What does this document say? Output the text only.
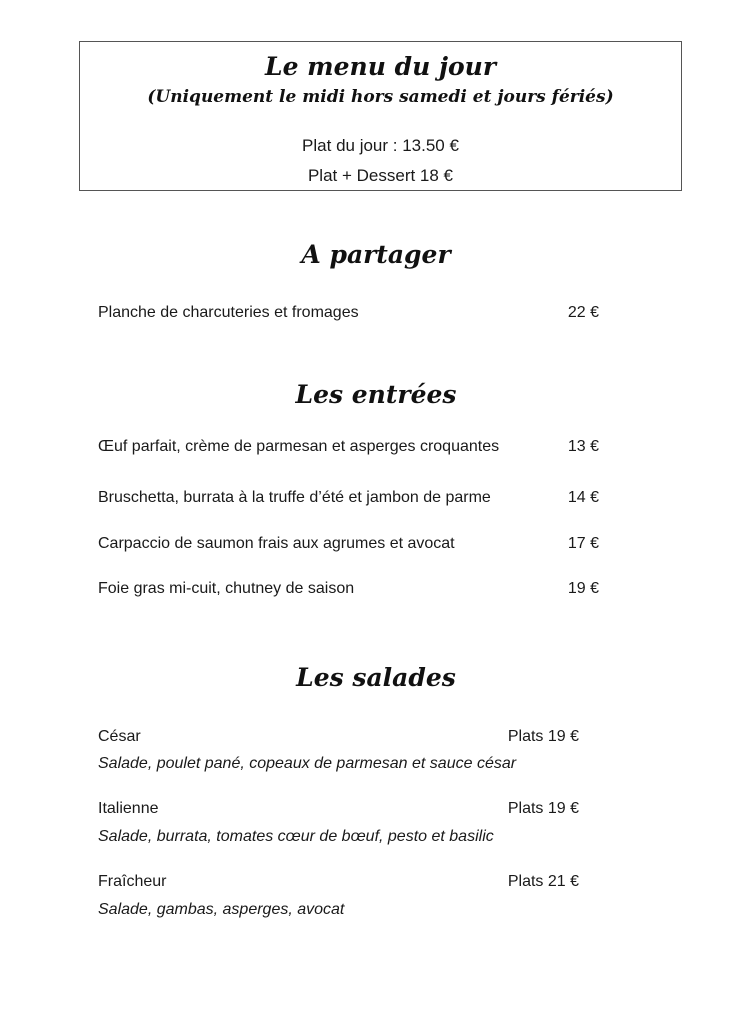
Le menu du jour
(Uniquement le midi hors samedi et jours fériés)
Plat du jour : 13.50 €
Plat + Dessert 18 €
A partager
Planche de charcuteries et fromages	22 €
Les entrées
Œuf parfait, crème de parmesan et asperges croquantes	13 €
Bruschetta, burrata à la truffe d’été et jambon de parme	14 €
Carpaccio de saumon frais aux agrumes et avocat	17 €
Foie gras mi-cuit, chutney de saison	19 €
Les salades
César	Plats 19 €
Salade, poulet pané, copeaux de parmesan et sauce césar
Italienne	Plats 19 €
Salade, burrata, tomates cœur de bœuf, pesto et basilic
Fraîcheur	Plats 21 €
Salade, gambas, asperges, avocat
